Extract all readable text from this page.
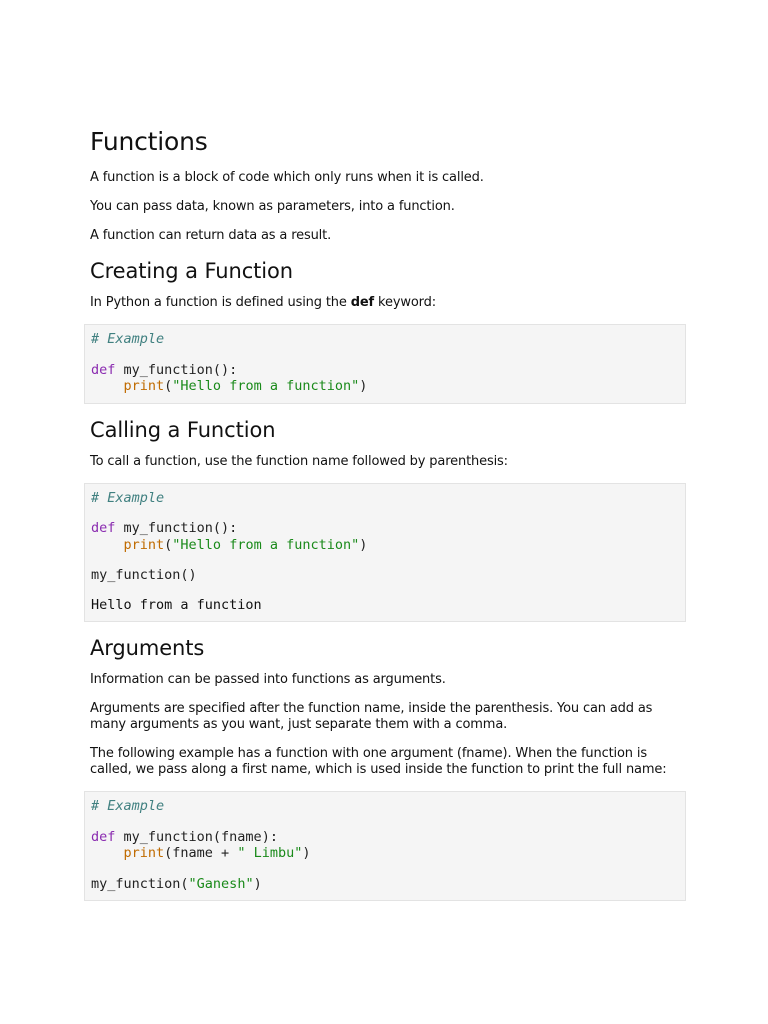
Functions

A function is a block of code which only runs when it is called.

You can pass data, known as parameters, into a function.

A function can return data as a result.

Creating a Function

In Python a function is defined using the def keyword:

# Example
def my_function():
print("Hello from a function")
Calling a Function

To call a function, use the function name followed by parenthesis:

# Example
def my_function():
print("Hello from a function")
my_function()
Hello from a function
Arguments

Information can be passed into functions as arguments.

Arguments are specified after the function name, inside the parenthesis. You can add as many arguments as you want, just separate them with a comma.

The following example has a function with one argument (fname). When the function is called, we pass along a first name, which is used inside the function to print the full name:

# Example
def my_function(fname):
print(fname + " Limbu")
my_function("Ganesh")
